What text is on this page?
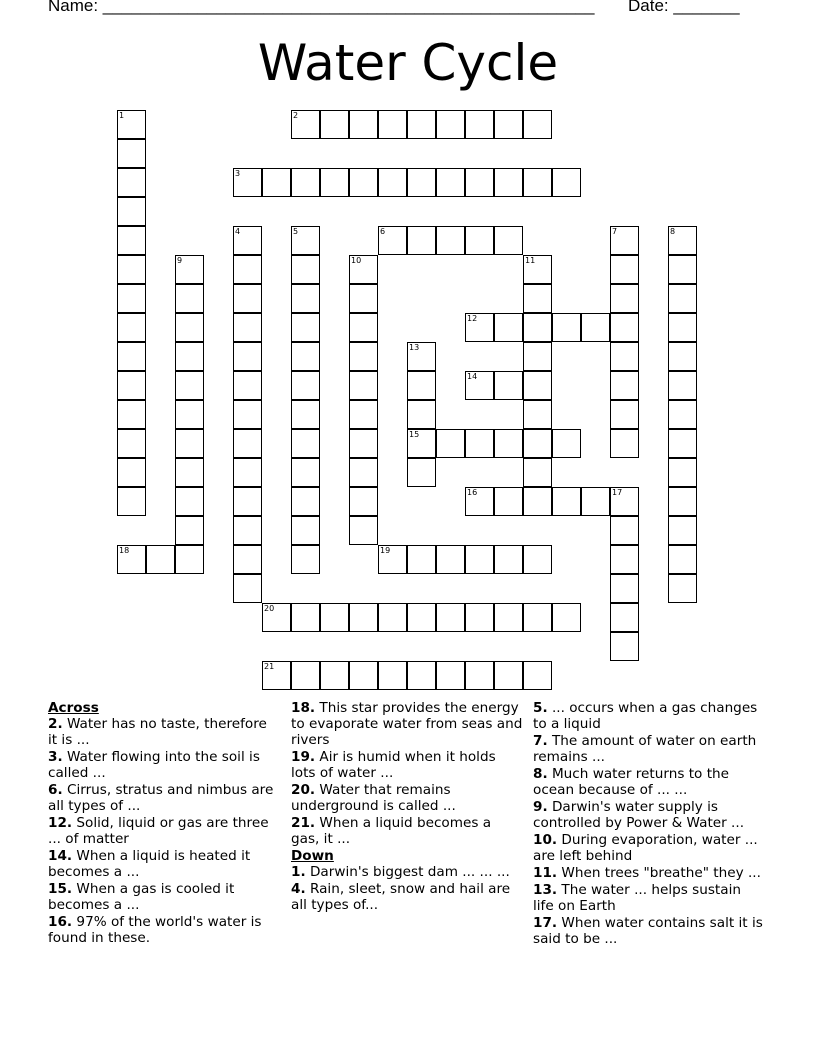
Name: ____________________________________________________ Date: _______
Water Cycle
1	2
3
4	5	6	7	8
9	10	11
12
13
15
14
16	17
18	19
20
21
Across
2. Water has no taste, therefore it is ...
3. Water flowing into the soil is called ...
6. Cirrus, stratus and nimbus are all types of ...
12. Solid, liquid or gas are three ... of matter
14. When a liquid is heated it becomes a ...
15. When a gas is cooled it becomes a ...
16. 97% of the world's water is found in these.
18. This star provides the energy to evaporate water from seas and rivers
19. Air is humid when it holds lots of water ...
20. Water that remains underground is called ...
21. When a liquid becomes a gas, it ...
Down
1. Darwin's biggest dam ... ... ...
4. Rain, sleet, snow and hail are all types of...
5. ... occurs when a gas changes to a liquid
7. The amount of water on earth remains ...
8. Much water returns to the ocean because of ... ...
9. Darwin's water supply is controlled by Power & Water ...
10. During evaporation, water ... are left behind
11. When trees "breathe" they ...
13. The water ... helps sustain life on Earth
17. When water contains salt it is said to be ...
